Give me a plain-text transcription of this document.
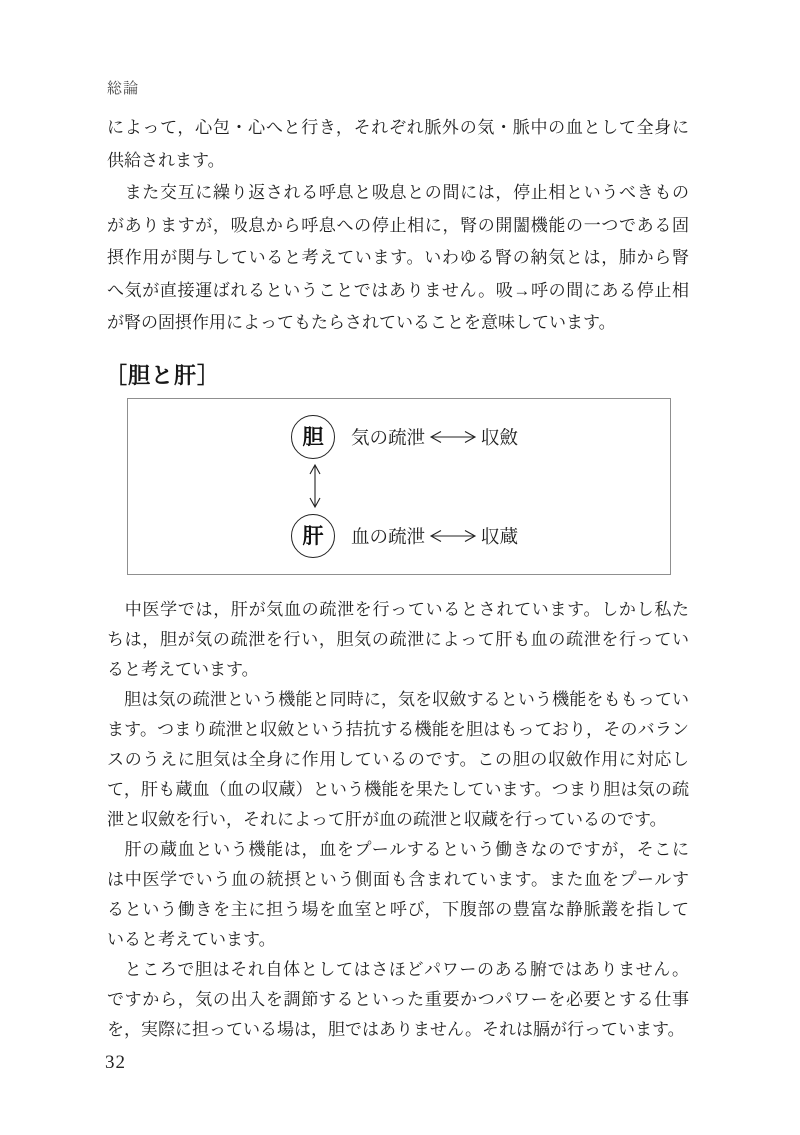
総論
によって，心包・心へと行き，それぞれ脈外の気・脈中の血として全身に
供給されます。
　また交互に繰り返される呼息と吸息との間には，停止相というべきもの
がありますが，吸息から呼息への停止相に，腎の開闔機能の一つである固
摂作用が関与していると考えています。いわゆる腎の納気とは，肺から腎
へ気が直接運ばれるということではありません。吸→呼の間にある停止相
が腎の固摂作用によってもたらされていることを意味しています。
［胆と肝］
胆 気の疏泄	収斂
肝 血の疏泄	収蔵
　中医学では，肝が気血の疏泄を行っているとされています。しかし私た
ちは，胆が気の疏泄を行い，胆気の疏泄によって肝も血の疏泄を行ってい
ると考えています。
　胆は気の疏泄という機能と同時に，気を収斂するという機能をももってい
ます。つまり疏泄と収斂という拮抗する機能を胆はもっており，そのバラン
スのうえに胆気は全身に作用しているのです。この胆の収斂作用に対応し
て，肝も蔵血（血の収蔵）という機能を果たしています。つまり胆は気の疏
泄と収斂を行い，それによって肝が血の疏泄と収蔵を行っているのです。
　肝の蔵血という機能は，血をプールするという働きなのですが，そこに
は中医学でいう血の統摂という側面も含まれています。また血をプールす
るという働きを主に担う場を血室と呼び，下腹部の豊富な静脈叢を指して
いると考えています。
　ところで胆はそれ自体としてはさほどパワーのある腑ではありません。
ですから，気の出入を調節するといった重要かつパワーを必要とする仕事
を，実際に担っている場は，胆ではありません。それは膈が行っています。
32
